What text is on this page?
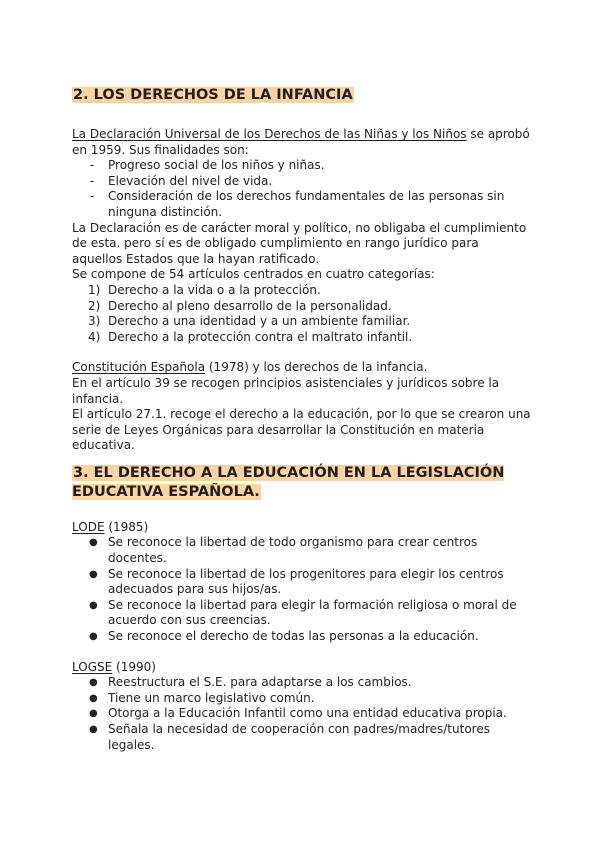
2. LOS DERECHOS DE LA INFANCIA

La Declaración Universal de los Derechos de las Niñas y los Niños se aprobó en 1959. Sus finalidades son:

- Progreso social de los niños y niñas.
- Elevación del nivel de vida.
- Consideración de los derechos fundamentales de las personas sin ninguna distinción.

La Declaración es de carácter moral y político, no obligaba el cumplimiento de esta. pero sí es de obligado cumplimiento en rango jurídico para aquellos Estados que la hayan ratificado.

Se compone de 54 artículos centrados en cuatro categorías:

1) Derecho a la vida o a la protección.
2) Derecho al pleno desarrollo de la personalidad.
3) Derecho a una identidad y a un ambiente familiar.
4) Derecho a la protección contra el maltrato infantil.

Constitución Española (1978) y los derechos de la infancia.

En el artículo 39 se recogen principios asistenciales y jurídicos sobre la infancia.

El artículo 27.1. recoge el derecho a la educación, por lo que se crearon una serie de Leyes Orgánicas para desarrollar la Constitución en materia educativa.

3. EL DERECHO A LA EDUCACIÓN EN LA LEGISLACIÓN EDUCATIVA ESPAÑOLA.

LODE (1985)

● Se reconoce la libertad de todo organismo para crear centros docentes.
● Se reconoce la libertad de los progenitores para elegir los centros adecuados para sus hijos/as.
● Se reconoce la libertad para elegir la formación religiosa o moral de acuerdo con sus creencias.
● Se reconoce el derecho de todas las personas a la educación.

LOGSE (1990)

● Reestructura el S.E. para adaptarse a los cambios.
● Tiene un marco legislativo común.
● Otorga a la Educación Infantil como una entidad educativa propia.
● Señala la necesidad de cooperación con padres/madres/tutores legales.
